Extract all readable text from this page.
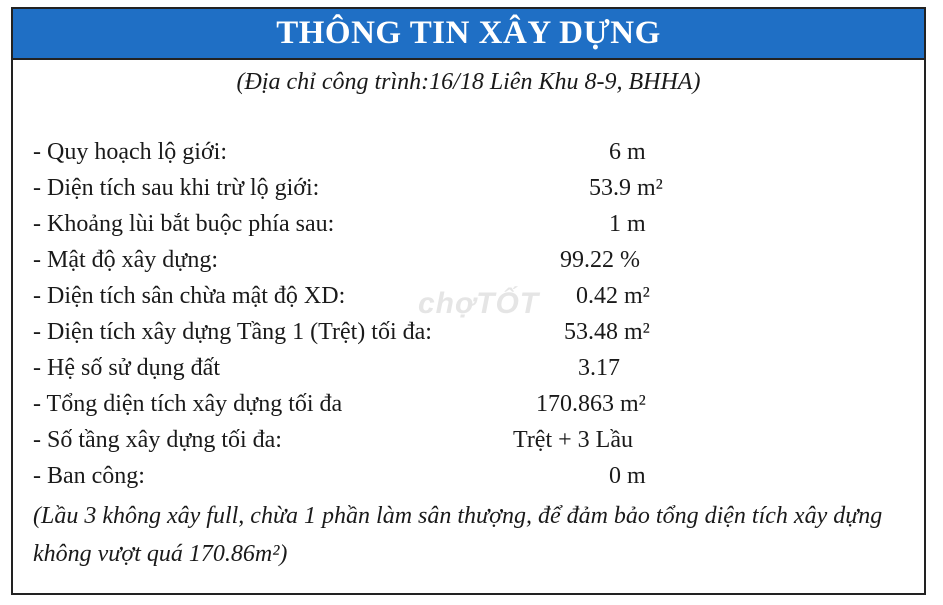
THÔNG TIN XÂY DỰNG
(Địa chỉ công trình:16/18 Liên Khu 8-9, BHHA)
- Quy hoạch lộ giới:	6 m
- Diện tích sau khi trừ lộ giới:	53.9 m²
- Khoảng lùi bắt buộc phía sau:	1 m
- Mật độ xây dựng:	99.22 %
- Diện tích sân chừa mật độ XD:	0.42 m²
- Diện tích xây dựng Tầng 1 (Trệt) tối đa:	53.48 m²
- Hệ số sử dụng đất	3.17
- Tổng diện tích xây dựng tối đa	170.863 m²
- Số tầng xây dựng tối đa:	Trệt + 3 Lầu
- Ban công:	0 m
(Lầu 3 không xây full, chừa 1 phần làm sân thượng, để đảm bảo tổng diện tích xây dựng không vượt quá 170.86m²)
chợTỐT
